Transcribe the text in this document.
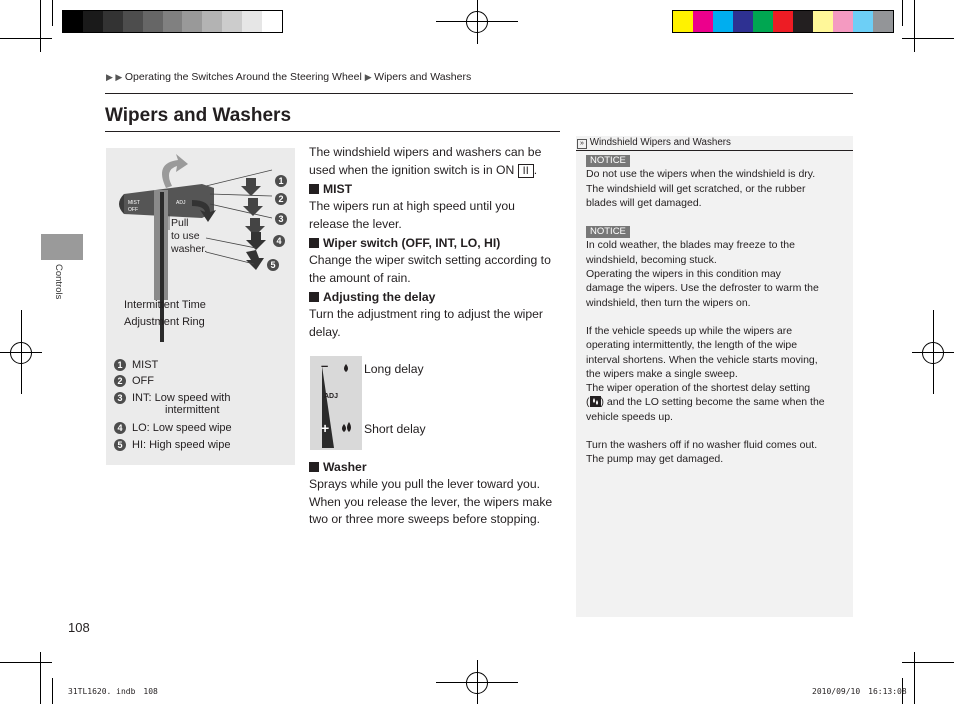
▶ ▶ Operating the Switches Around the Steering Wheel ▶ Wipers and Washers
Wipers and Washers
Controls
MIST
OFF
ADJ
1
2
3
4
5
Pull
to use
washer.
Intermittent Time
Adjustment Ring
1 MIST
2 OFF
3 INT: Low speed with
intermittent
4 LO: Low speed wipe
5 HI: High speed wipe
The windshield wipers and washers can be
used when the ignition switch is in ON II .
MIST
The wipers run at high speed until you
release the lever.
Wiper switch (OFF, INT, LO, HI)
Change the wiper switch setting according to
the amount of rain.
Adjusting the delay
Turn the adjustment ring to adjust the wiper
delay.
ADJ
–
+
Long delay
Short delay
Washer
Sprays while you pull the lever toward you.
When you release the lever, the wipers make
two or three more sweeps before stopping.
» Windshield Wipers and Washers
NOTICE
Do not use the wipers when the windshield is dry.
The windshield will get scratched, or the rubber
blades will get damaged.
NOTICE
In cold weather, the blades may freeze to the
windshield, becoming stuck.
Operating the wipers in this condition may
damage the wipers. Use the defroster to warm the
windshield, then turn the wipers on.
If the vehicle speeds up while the wipers are
operating intermittently, the length of the wipe
interval shortens. When the vehicle starts moving,
the wipers make a single sweep.
The wiper operation of the shortest delay setting
( ) and the LO setting become the same when the
vehicle speeds up.
Turn the washers off if no washer fluid comes out.
The pump may get damaged.
108
31TL1620. indb　108	2010/09/10　16:13:08
